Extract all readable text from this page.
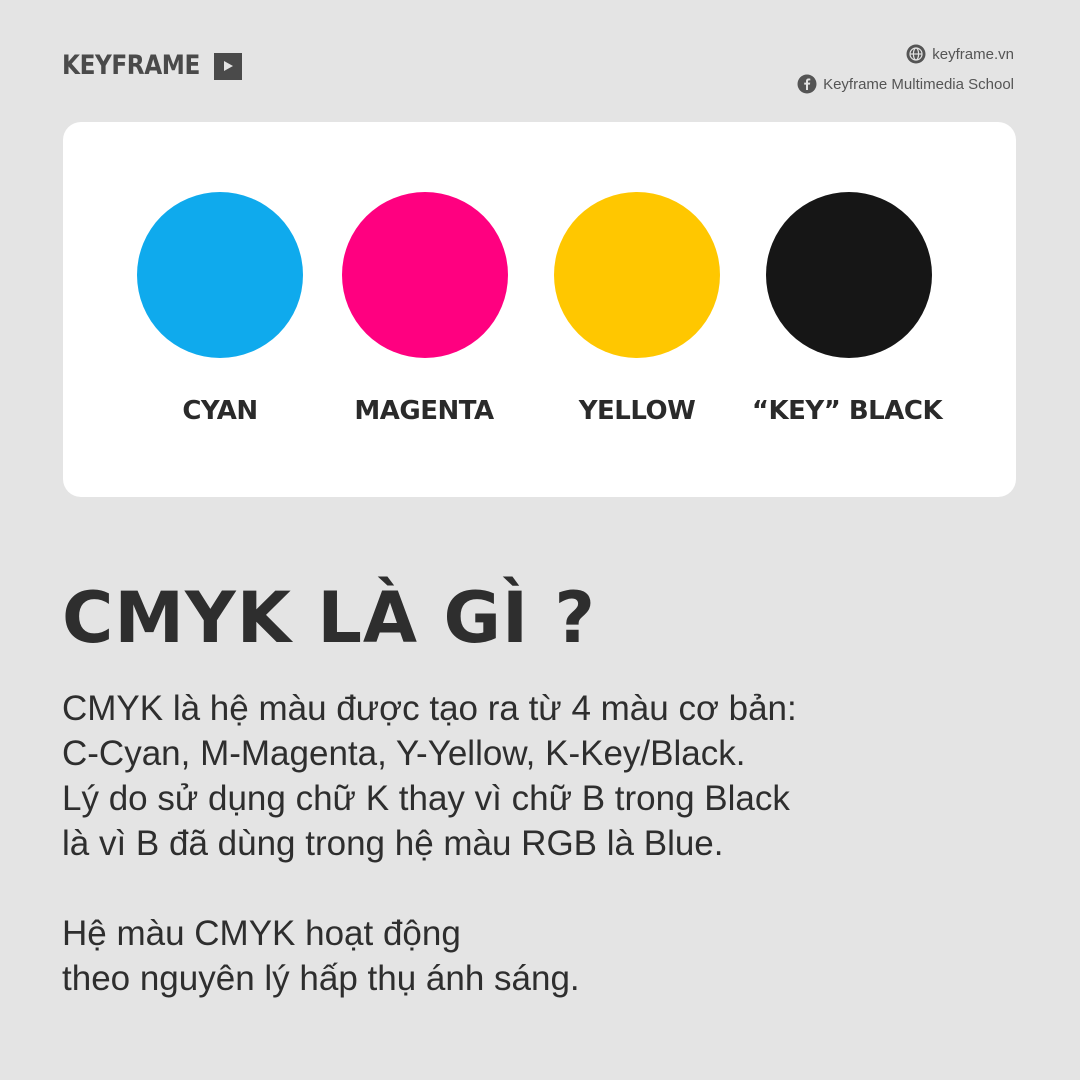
KEYFRAME	keyframe.vn
Keyframe Multimedia School
CYAN	MAGENTA	YELLOW	“KEY” BLACK
CMYK LÀ GÌ ?
CMYK là hệ màu được tạo ra từ 4 màu cơ bản:
C-Cyan, M-Magenta, Y-Yellow, K-Key/Black.
Lý do sử dụng chữ K thay vì chữ B trong Black
là vì B đã dùng trong hệ màu RGB là Blue.
Hệ màu CMYK hoạt động
theo nguyên lý hấp thụ ánh sáng.
